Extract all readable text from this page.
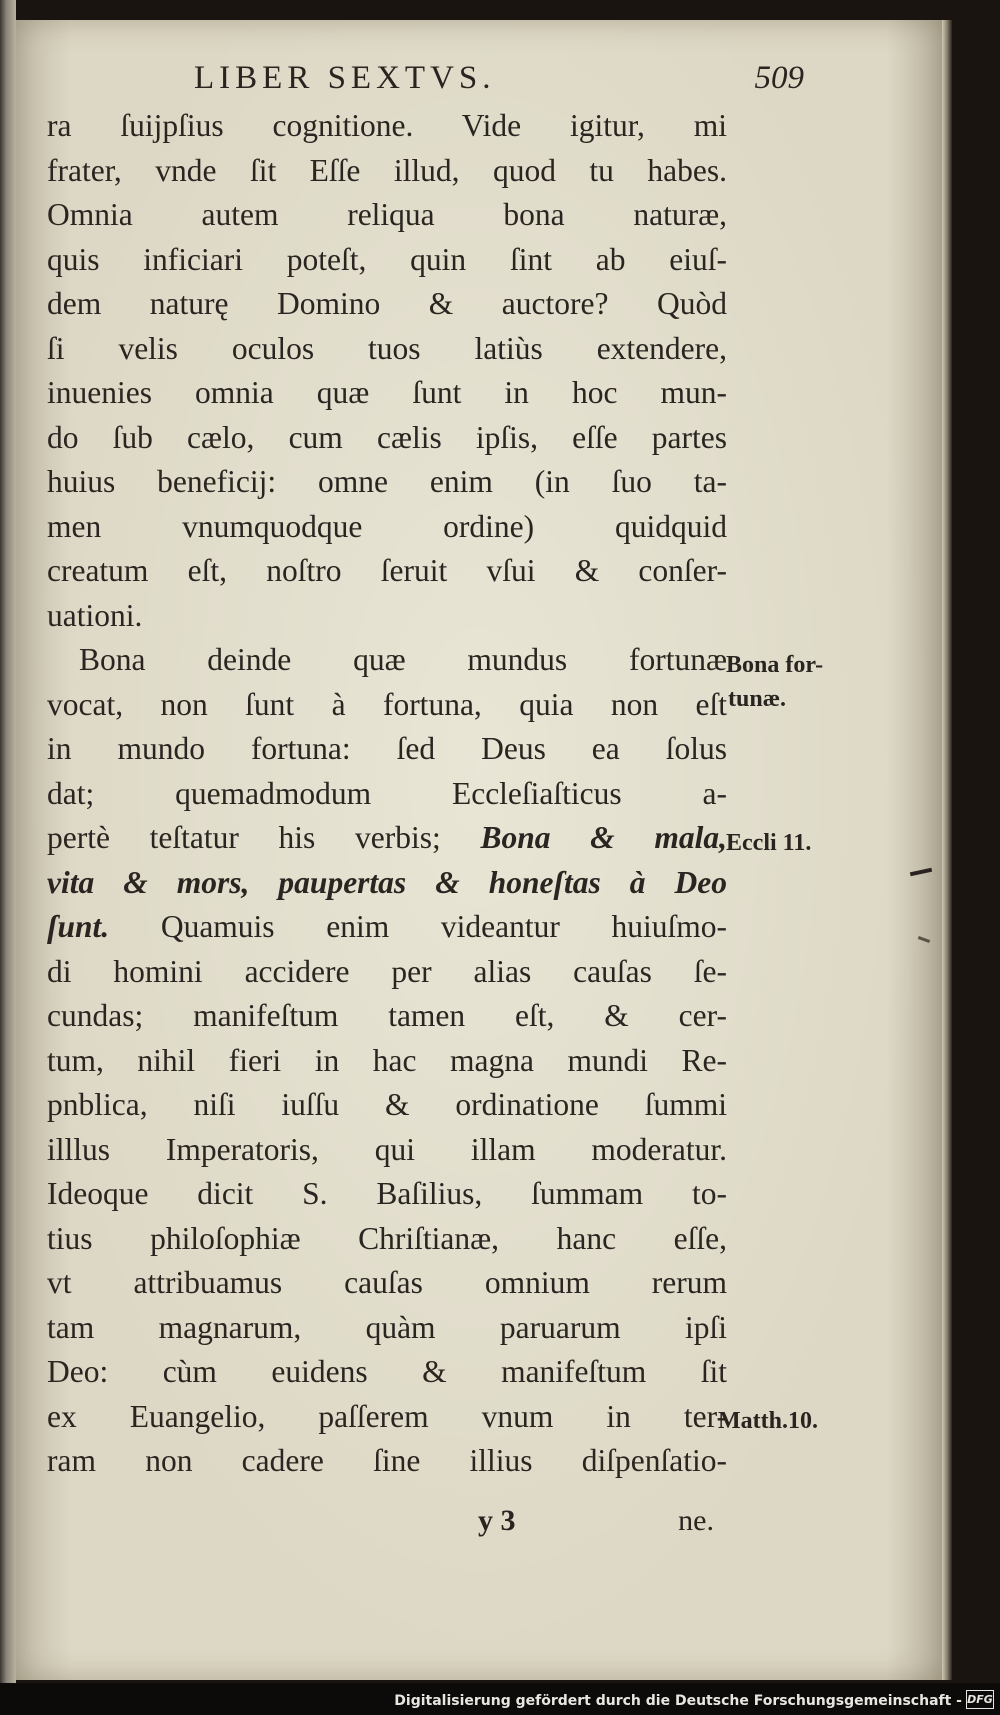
LIBER SEXTVS.	509
ra ſuijpſius cognitione. Vide igitur, mi
frater, vnde ſit Eſſe illud, quod tu habes.
Omnia autem reliqua bona naturæ,
quis inficiari poteſt, quin ſint ab eiuſ-
dem naturę Domino & auctore? Quòd
ſi velis oculos tuos latiùs extendere,
inuenies omnia quæ ſunt in hoc mun-
do ſub cælo, cum cælis ipſis, eſſe partes
huius beneficij: omne enim (in ſuo ta-
men vnumquodque ordine) quidquid
creatum eſt, noſtro ſeruit vſui & conſer-
uationi.
Bona deinde quæ mundus fortunæ
vocat, non ſunt à fortuna, quia non eſt
in mundo fortuna: ſed Deus ea ſolus
dat; quemadmodum Eccleſiaſticus a-
pertè teſtatur his verbis; Bona & mala,
vita & mors, paupertas & honeſtas à Deo
ſunt. Quamuis enim videantur huiuſmo-
di homini accidere per alias cauſas ſe-
cundas; manifeſtum tamen eſt, & cer-
tum, nihil fieri in hac magna mundi Re-
pnblica, niſi iuſſu & ordinatione ſummi
illlus Imperatoris, qui illam moderatur.
Ideoque dicit S. Baſilius, ſummam to-
tius philoſophiæ Chriſtianæ, hanc eſſe,
vt attribuamus cauſas omnium rerum
tam magnarum, quàm paruarum ipſi
Deo: cùm euidens & manifeſtum ſit
ex Euangelio, paſſerem vnum in ter-
ram non cadere ſine illius diſpenſatio-
Bona for-
tunæ.
Eccli 11.
Matth.10.
y 3	ne.
Digitalisierung gefördert durch die Deutsche Forschungsgemeinschaft - DFG
